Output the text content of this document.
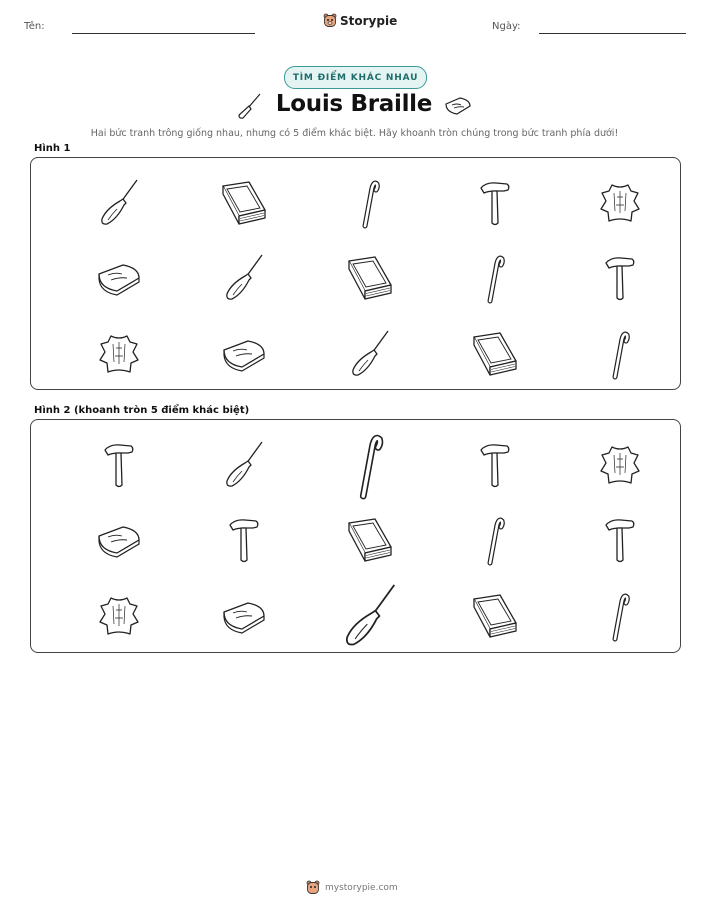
Tên:	Storypie	Ngày:
TÌM ĐIỂM KHÁC NHAU
Louis Braille
Hai bức tranh trông giống nhau, nhưng có 5 điểm khác biệt. Hãy khoanh tròn chúng trong bức tranh phía dưới!
Hình 1
Hình 2 (khoanh tròn 5 điểm khác biệt)
mystorypie.com
